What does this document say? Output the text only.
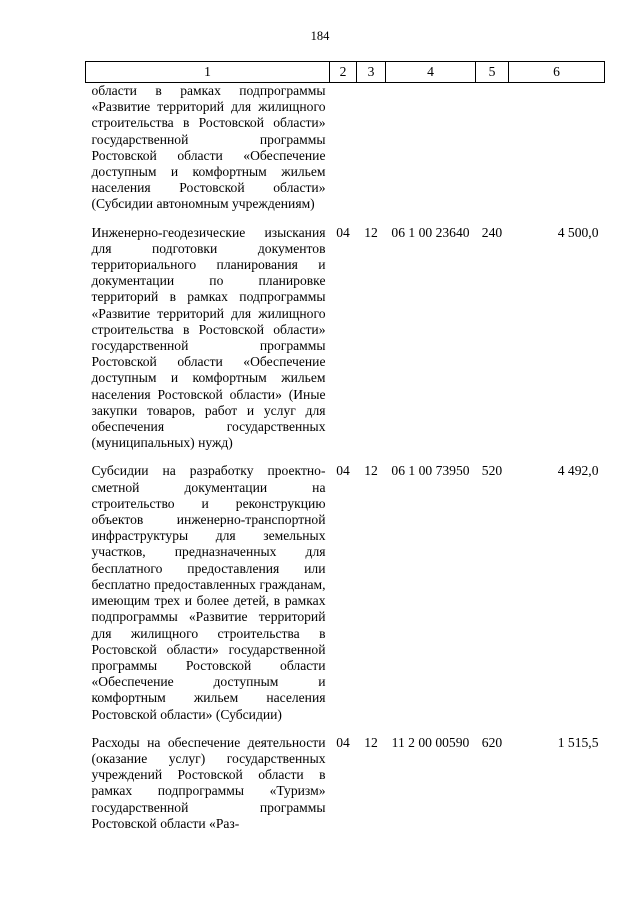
184
1	2	3	4	5	6
области в рамках подпрограммы «Развитие территорий для жилищного строительства в Ростовской области» государственной программы Ростовской области «Обеспечение доступным и комфортным жильем населения Ростовской области» (Субсидии автономным учреждениям)					
Инженерно-геодезические изыскания для подготовки документов территориального планирования и документации по планировке территорий в рамках подпрограммы «Развитие территорий для жилищного строительства в Ростовской области» государственной программы Ростовской области «Обеспечение доступным и комфортным жильем населения Ростовской области» (Иные закупки товаров, работ и услуг для обеспечения государственных (муниципальных) нужд)	04	12	06 1 00 23640	240	4 500,0
Субсидии на разработку проектно-сметной документации на строительство и реконструкцию объектов инженерно-транспортной инфраструктуры для земельных участков, предназначенных для бесплатного предоставления или бесплатно предоставленных гражданам, имеющим трех и более детей, в рамках подпрограммы «Развитие территорий для жилищного строительства в Ростовской области» государственной программы Ростовской области «Обеспечение доступным и комфортным жильем населения Ростовской области» (Субсидии)	04	12	06 1 00 73950	520	4 492,0
Расходы на обеспечение деятельности (оказание услуг) государственных учреждений Ростовской области в рамках подпрограммы «Туризм» государственной программы Ростовской области «Раз-	04	12	11 2 00 00590	620	1 515,5
